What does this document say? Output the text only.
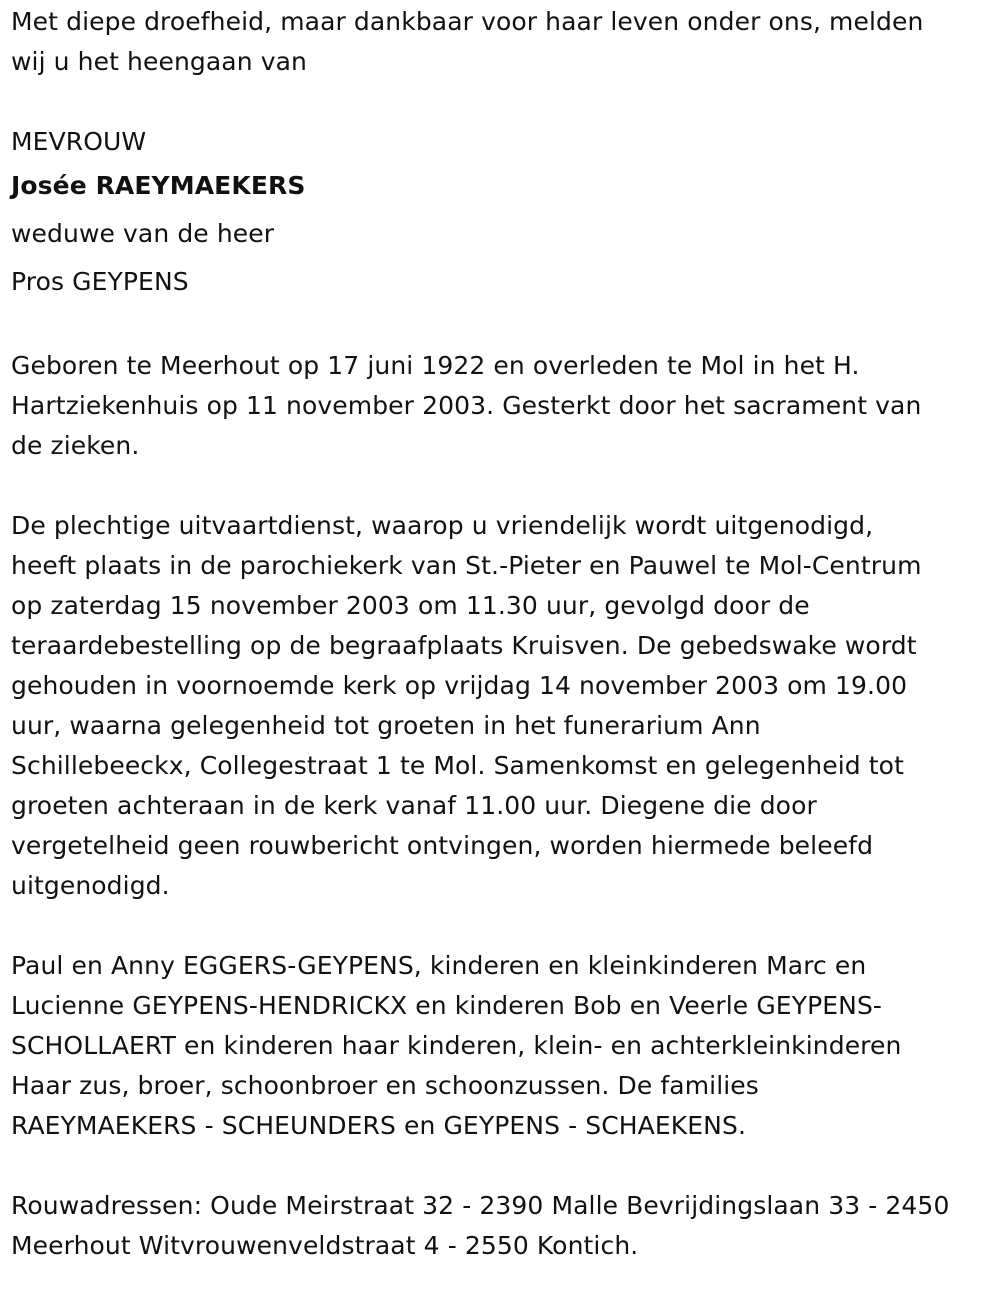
Met diepe droefheid, maar dankbaar voor haar leven onder ons, melden
wij u het heengaan van
MEVROUW
Josée RAEYMAEKERS
weduwe van de heer
Pros GEYPENS
Geboren te Meerhout op 17 juni 1922 en overleden te Mol in het H.
Hartziekenhuis op 11 november 2003. Gesterkt door het sacrament van
de zieken.
De plechtige uitvaartdienst, waarop u vriendelijk wordt uitgenodigd,
heeft plaats in de parochiekerk van St.-Pieter en Pauwel te Mol-Centrum
op zaterdag 15 november 2003 om 11.30 uur, gevolgd door de
teraardebestelling op de begraafplaats Kruisven. De gebedswake wordt
gehouden in voornoemde kerk op vrijdag 14 november 2003 om 19.00
uur, waarna gelegenheid tot groeten in het funerarium Ann
Schillebeeckx, Collegestraat 1 te Mol. Samenkomst en gelegenheid tot
groeten achteraan in de kerk vanaf 11.00 uur. Diegene die door
vergetelheid geen rouwbericht ontvingen, worden hiermede beleefd
uitgenodigd.
Paul en Anny EGGERS-GEYPENS, kinderen en kleinkinderen Marc en
Lucienne GEYPENS-HENDRICKX en kinderen Bob en Veerle GEYPENS-
SCHOLLAERT en kinderen haar kinderen, klein- en achterkleinkinderen
Haar zus, broer, schoonbroer en schoonzussen. De families
RAEYMAEKERS - SCHEUNDERS en GEYPENS - SCHAEKENS.
Rouwadressen: Oude Meirstraat 32 - 2390 Malle Bevrijdingslaan 33 - 2450
Meerhout Witvrouwenveldstraat 4 - 2550 Kontich.
